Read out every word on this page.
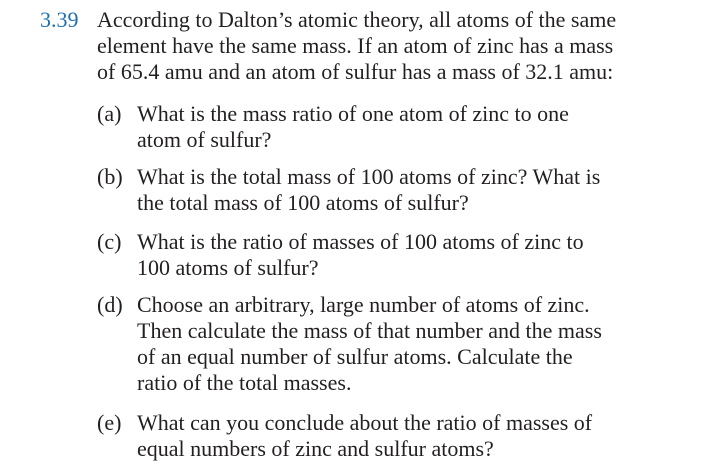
3.39 According to Dalton’s atomic theory, all atoms of the same
element have the same mass. If an atom of zinc has a mass
of 65.4 amu and an atom of sulfur has a mass of 32.1 amu:
(a) What is the mass ratio of one atom of zinc to one
atom of sulfur?
(b) What is the total mass of 100 atoms of zinc? What is
the total mass of 100 atoms of sulfur?
(c) What is the ratio of masses of 100 atoms of zinc to
100 atoms of sulfur?
(d) Choose an arbitrary, large number of atoms of zinc.
Then calculate the mass of that number and the mass
of an equal number of sulfur atoms. Calculate the
ratio of the total masses.
(e) What can you conclude about the ratio of masses of
equal numbers of zinc and sulfur atoms?
